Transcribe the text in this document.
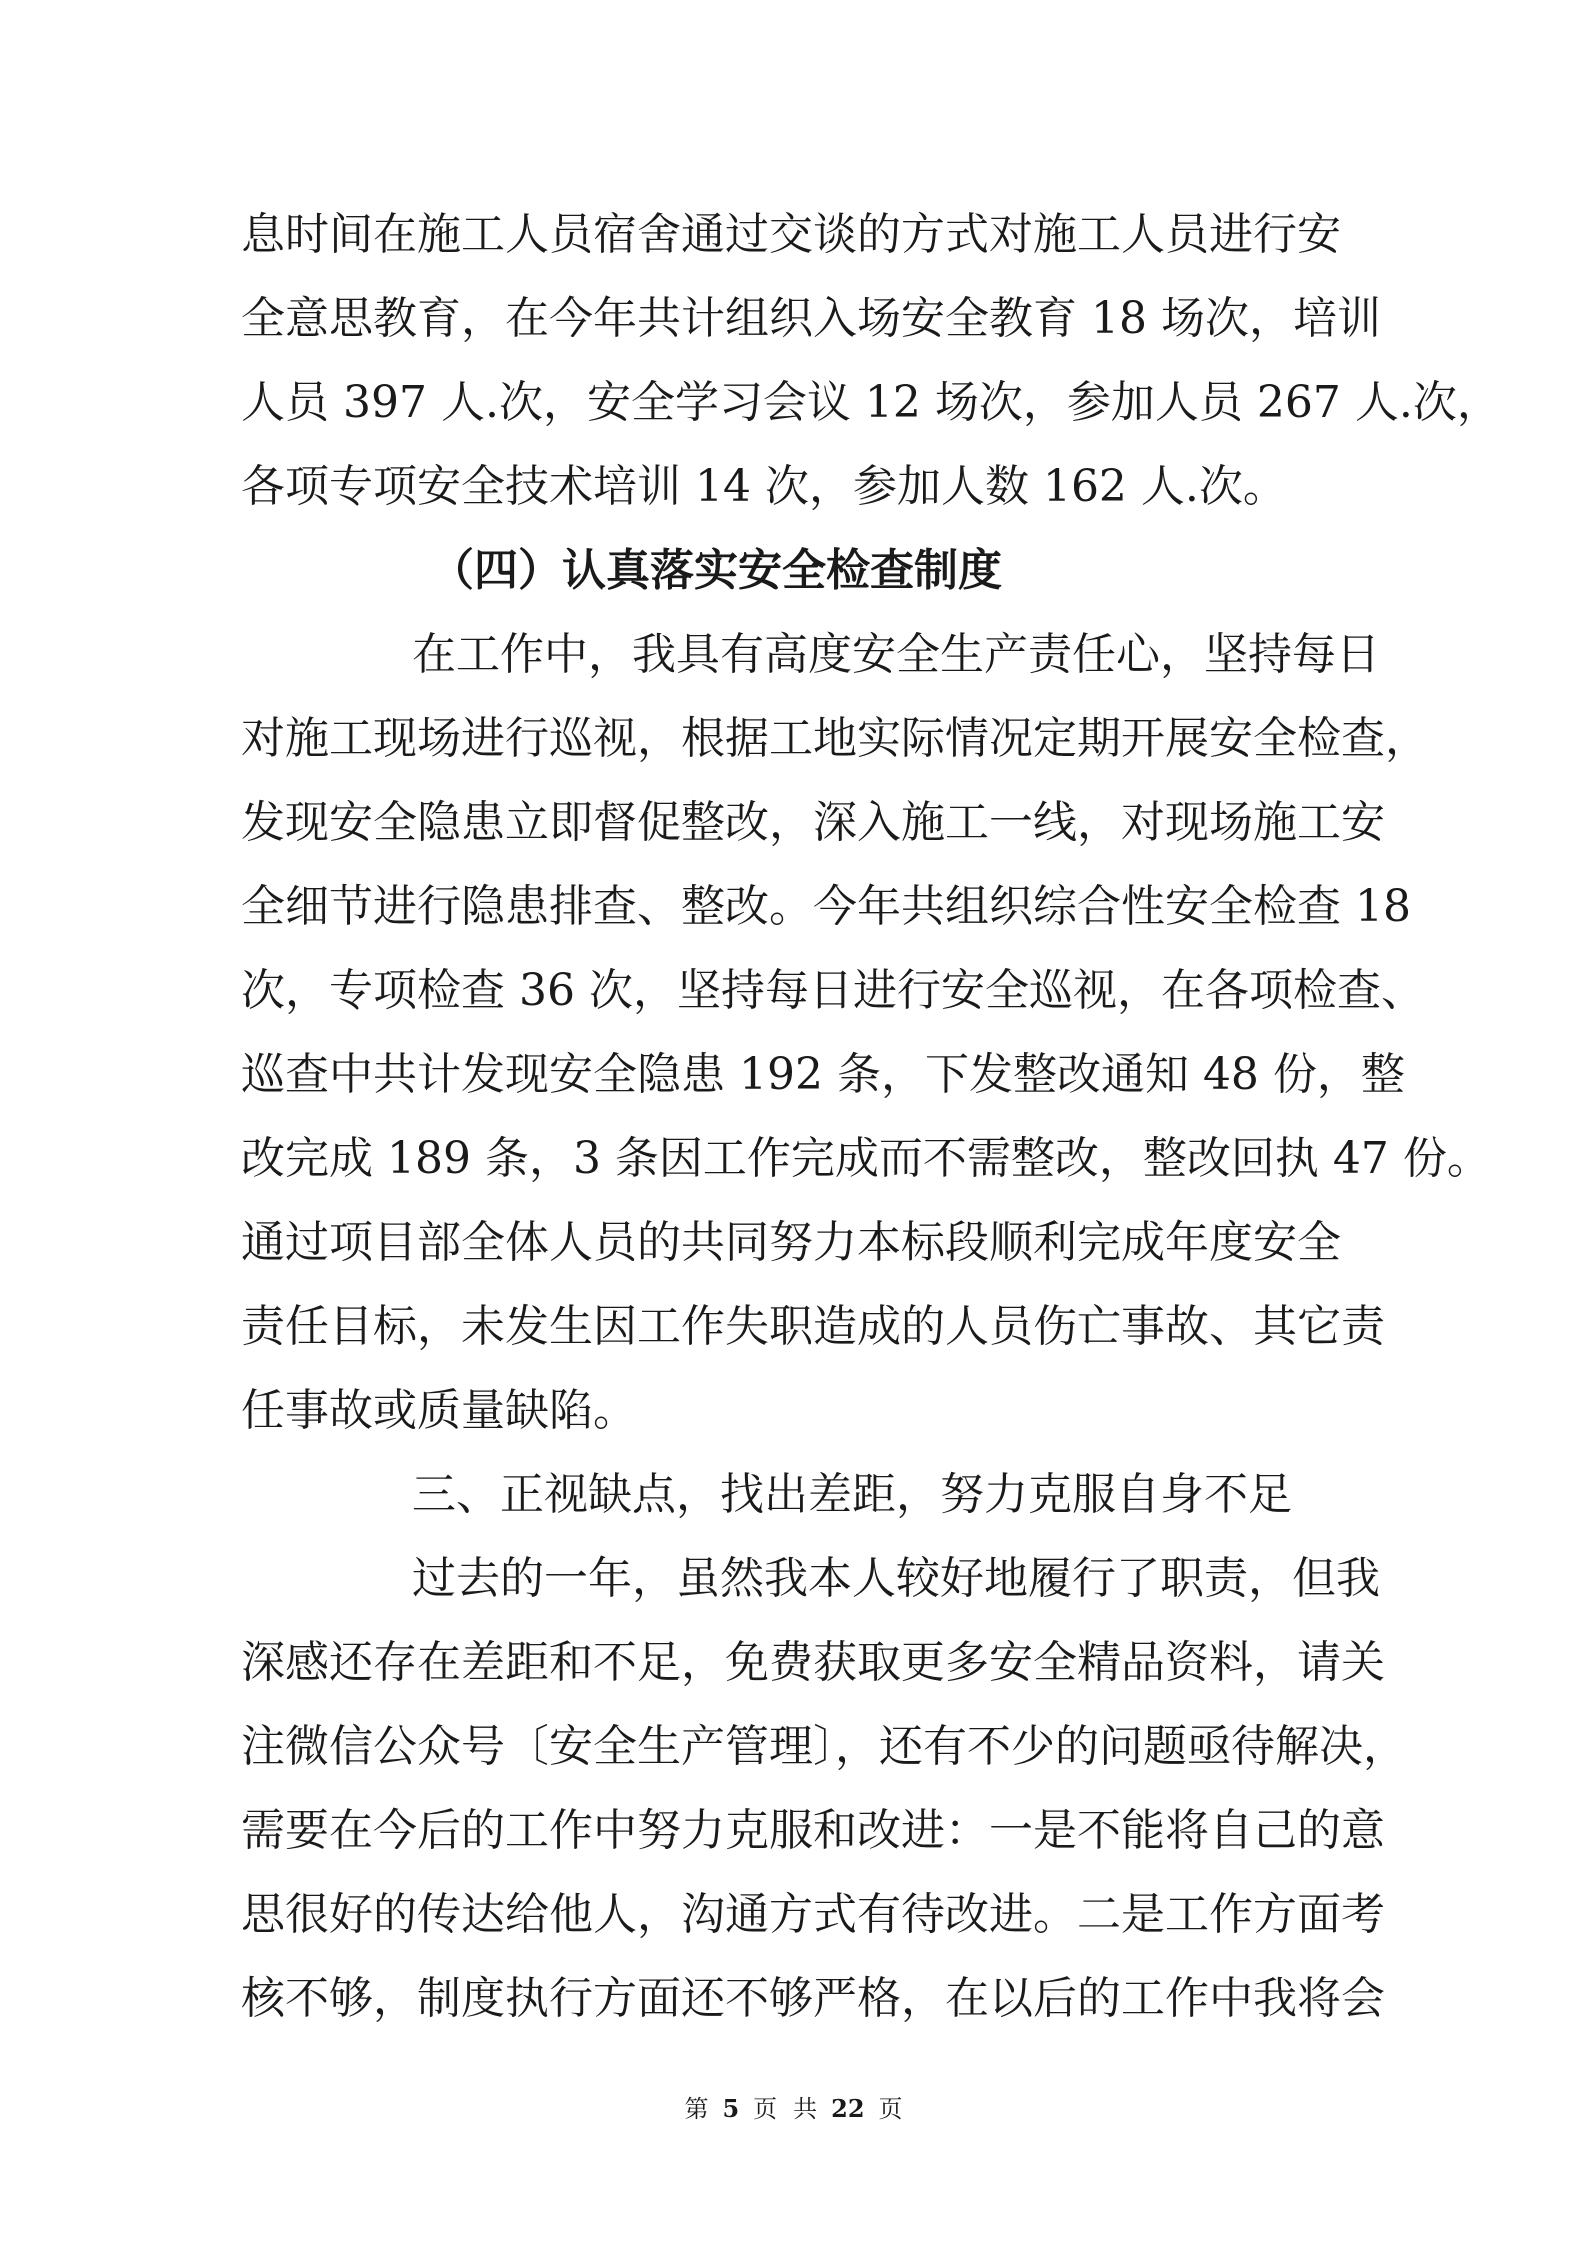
息时间在施工人员宿舍通过交谈的方式对施工人员进行安
全意思教育，在今年共计组织入场安全教育 18 场次，培训
人员 397 人.次，安全学习会议 12 场次，参加人员 267 人.次，
各项专项安全技术培训 14 次，参加人数 162 人.次。
（四）认真落实安全检查制度
在工作中，我具有高度安全生产责任心，坚持每日
对施工现场进行巡视，根据工地实际情况定期开展安全检查，
发现安全隐患立即督促整改，深入施工一线，对现场施工安
全细节进行隐患排查、整改。今年共组织综合性安全检查 18
次，专项检查 36 次，坚持每日进行安全巡视，在各项检查、
巡查中共计发现安全隐患 192 条，下发整改通知 48 份，整
改完成 189 条，3 条因工作完成而不需整改，整改回执 47 份。
通过项目部全体人员的共同努力本标段顺利完成年度安全
责任目标，未发生因工作失职造成的人员伤亡事故、其它责
任事故或质量缺陷。
三、正视缺点，找出差距，努力克服自身不足
过去的一年，虽然我本人较好地履行了职责，但我
深感还存在差距和不足，免费获取更多安全精品资料，请关
注微信公众号〔安全生产管理〕，还有不少的问题亟待解决，
需要在今后的工作中努力克服和改进：一是不能将自己的意
思很好的传达给他人，沟通方式有待改进。二是工作方面考
核不够，制度执行方面还不够严格，在以后的工作中我将会
第 5 页 共 22 页
